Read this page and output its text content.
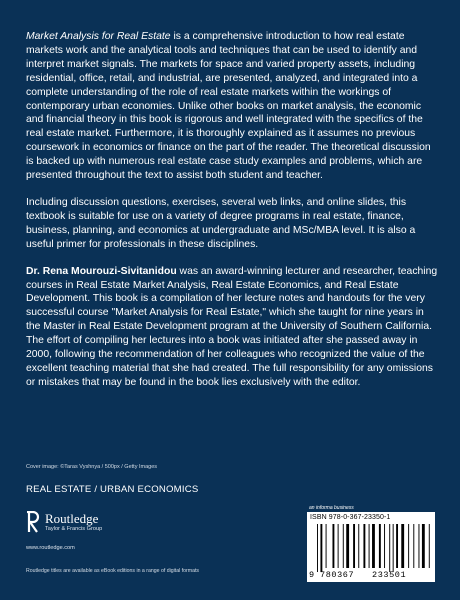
Market Analysis for Real Estate is a comprehensive introduction to how real estate markets work and the analytical tools and techniques that can be used to identify and interpret market signals. The markets for space and varied property assets, including residential, office, retail, and industrial, are presented, analyzed, and integrated into a complete understanding of the role of real estate markets within the workings of contemporary urban economies. Unlike other books on market analysis, the economic and financial theory in this book is rigorous and well integrated with the specifics of the real estate market. Furthermore, it is thoroughly explained as it assumes no previous coursework in economics or finance on the part of the reader. The theoretical discussion is backed up with numerous real estate case study examples and problems, which are presented throughout the text to assist both student and teacher.

Including discussion questions, exercises, several web links, and online slides, this textbook is suitable for use on a variety of degree programs in real estate, finance, business, planning, and economics at undergraduate and MSc/MBA level. It is also a useful primer for professionals in these disciplines.

Dr. Rena Mourouzi-Sivitanidou was an award-winning lecturer and researcher, teaching courses in Real Estate Market Analysis, Real Estate Economics, and Real Estate Development. This book is a compilation of her lecture notes and handouts for the very successful course "Market Analysis for Real Estate," which she taught for nine years in the Master in Real Estate Development program at the University of Southern California. The effort of compiling her lectures into a book was initiated after she passed away in 2000, following the recommendation of her colleagues who recognized the value of the excellent teaching material that she had created. The full responsibility for any omissions or mistakes that may be found in the book lies exclusively with the editor.

Cover image: ©Taras Vyshnya / 500px / Getty Images
REAL ESTATE / URBAN ECONOMICS
Routledge
Taylor & Francis Group
www.routledge.com
Routledge titles are available as eBook editions in a range of digital formats
an informa business
ISBN 978-0-367-23350-1
9 780367 233501
